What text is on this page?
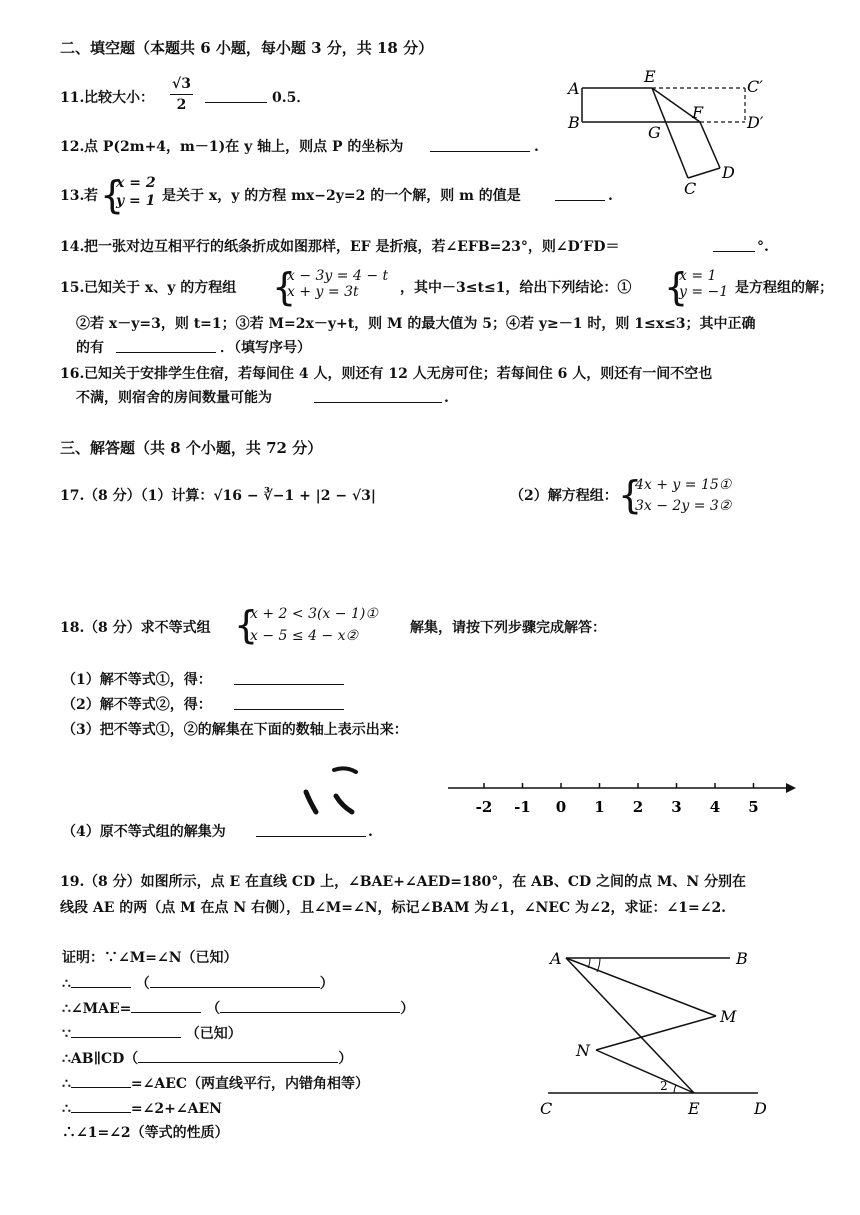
二、填空题（本题共 6 小题，每小题 3 分，共 18 分）
11. 比较大小： $\frac{√3}{2}$	0.5．	A
B
E
F
G
C′
D′
C
D
12. 点 P(2m+4，m－1)在 y 轴上，则点 P 的坐标为	.
13. 若 {
x = 2
y = 1 是关于 x，y 的方程 mx−2y=2 的一个解，则 m 的值是	.
14. 把一张对边互相平行的纸条折成如图那样，EF 是折痕，若∠EFB=23°，则∠D′FD＝	°.
15. 已知关于 x、y 的方程组 {
x − 3y = 4 − t
x + y = 3t	，其中－3≤t≤1，给出下列结论：① {
x = 1
y = −1 是方程组的解；
②若 x－y=3，则 t=1；③若 M=2x－y+t，则 M 的最大值为 5；④若 y≥－1 时，则 1≤x≤3；其中正确
的有	．（填写序号）
16. 已知关于安排学生住宿，若每间住 4 人，则还有 12 人无房可住；若每间住 6 人，则还有一间不空也
不满，则宿舍的房间数量可能为	.
三、解答题（共 8 个小题，共 72 分）
17. （8 分）（1）计算：√16 − ∛−1 + |2 − √3|	（2）解方程组： {
4x + y = 15①
3x − 2y = 3②
18. （8 分）求不等式组 {
x + 2 < 3(x − 1)①
x − 5 ≤ 4 − x②	解集，请按下列步骤完成解答：
（1）解不等式①，得：
（2）解不等式②，得：
（3）把不等式①，②的解集在下面的数轴上表示出来：
-2 -1 0 1 2 3 4 5
（4）原不等式组的解集为	.
19. （8 分）如图所示，点 E 在直线 CD 上，∠BAE+∠AED=180°，在 AB、CD 之间的点 M、N 分别在
线段 AE 的两（点 M 在点 N 右侧），且∠M=∠N，标记∠BAM 为∠1，∠NEC 为∠2，求证：∠1=∠2.
证明：∵∠M=∠N（已知）
∴	（	）
∴∠MAE=	（	）
∵	（已知）
∴AB∥CD（	）
∴	=∠AEC（两直线平行，内错角相等）
∴	=∠2+∠AEN
∴∠1=∠2（等式的性质）
A	B
M
N
C	D
E
2
